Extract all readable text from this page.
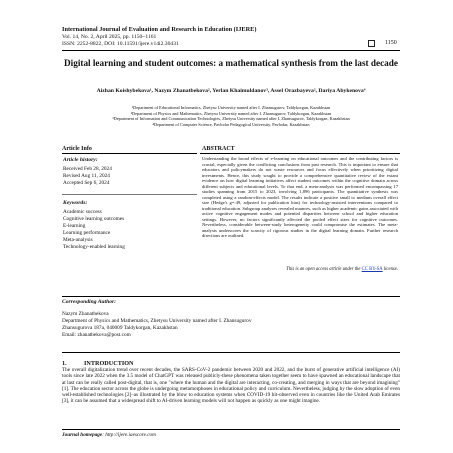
International Journal of Evaluation and Research in Education (IJERE)
Vol. 14, No. 2, April 2025, pp. 1150~1161
ISSN: 2252-8822, DOI: 10.11591/ijere.v14i2.30431	1150
Digital learning and student outcomes: a mathematical synthesis from the last decade
Aizhan Koishybekova¹, Nazym Zhanatbekova², Yerlan Khaimuldanov³, Assel Orazbayeva², Dariya Abykenova⁴
¹Department of Educational Informatics, Zhetysu University named after I. Zhansugurov, Taldykorgan, Kazakhstan
²Department of Physics and Mathematics, Zhetysu University named after I. Zhansugurov, Taldykorgan, Kazakhstan
³Department of Information and Communication Technologies, Zhetysu University named after I. Zhansugurov, Taldykorgan, Kazakhstan
⁴Department of Computer Science, Pavlodar Pedagogical University, Pavlodar, Kazakhstan
Article Info	ABSTRACT
Article history:
Received Feb 28, 2024
Revised Aug 11, 2024
Accepted Sep 6, 2024
Keywords:
Academic success
Cognitive learning outcomes
E-learning
Learning performance
Meta-analysis
Technology-enabled learning
Understanding the broad effects of e-learning on educational outcomes and the contributing factors is crucial, especially given the conflicting conclusions from past research. This is important to ensure that educators and policymakers do not waste resources and focus effectively when prioritizing digital investments. Hence, this study sought to provide a comprehensive quantitative review of the extant evidence on how digital learning initiatives affect student outcomes within the cognitive domain across different subjects and educational levels. To that end, a meta-analysis was performed encompassing 17 studies spanning from 2015 to 2023, involving 1,896 participants. The quantitative synthesis was completed using a random-effects model. The results indicate a positive small to medium overall effect size (Hedge's g=.49, adjusted for publication bias) for technology-assisted interventions compared to traditional education. Subgroup analyses revealed nuances, such as higher academic gains associated with active cognitive engagement modes and potential disparities between school and higher education settings. However, no factors significantly affected the pooled effect sizes for cognitive outcomes. Nevertheless, considerable between-study heterogeneity could compromise the estimates. The meta-analysis underscores the scarcity of rigorous studies in the digital learning domain. Further research directions are outlined.
This is an open access article under the CC BY-SA license.
Corresponding Author:
Nazym Zhanatbekova
Department of Physics and Mathematics, Zhetysu University named after I. Zhansugurov
Zhansugurova 187a, 040009 Taldykorgan, Kazakhstan
Email: zhanatbekova@post.com
1.	INTRODUCTION
The overall digitalization trend over recent decades, the SARS-CoV-2 pandemic between 2020 and 2022, and the burst of generative artificial intelligence (AI) tools since late 2022 when the 3.5 model of ChatGPT was released publicly-these phenomena taken together seem to have spawned an educational landscape that at last can be really called post-digital, that is, one "where the human and the digital are interacting, co-creating, and merging in ways that are beyond imagining" [1]. The education sector across the globe is undergoing metamorphoses in educational policy and curriculum. Nevertheless, judging by the slow adoption of even well-established technologies [2]–as illustrated by the blow to education systems when COVID-19 hit-observed even in countries like the United Arab Emirates [3], it can be assumed that a widespread shift to AI-driven learning models will not happen as quickly as one might imagine.
Journal homepage: http://ijere.iaescore.com
